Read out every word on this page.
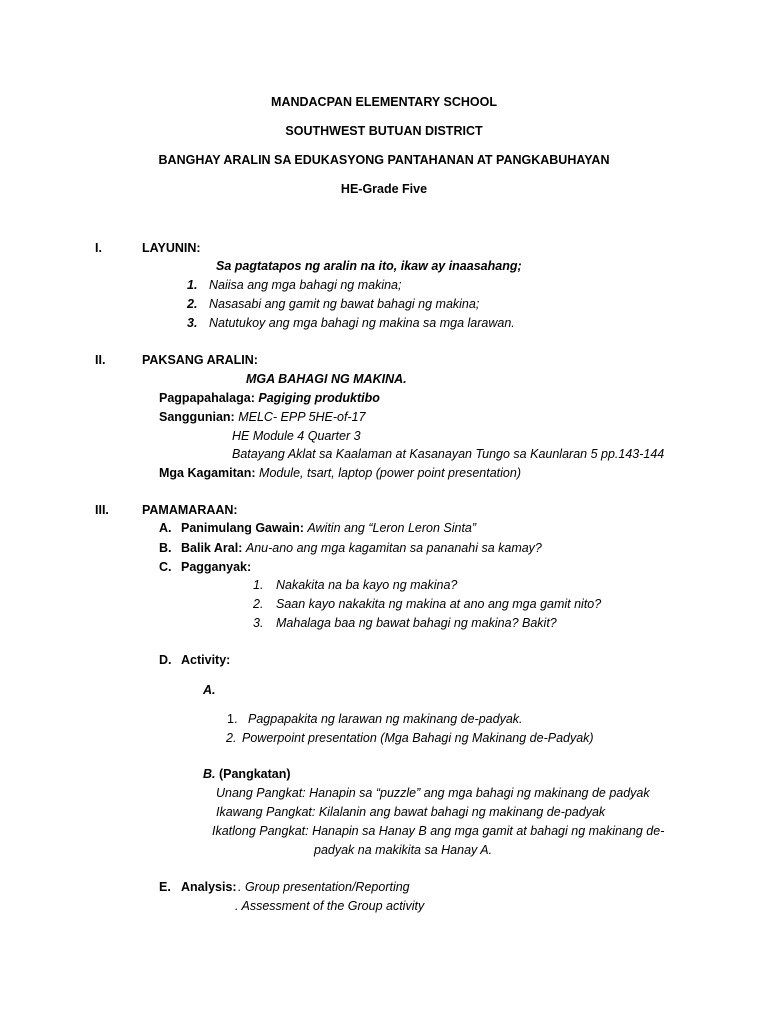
MANDACPAN ELEMENTARY SCHOOL
SOUTHWEST BUTUAN DISTRICT
BANGHAY ARALIN SA EDUKASYONG PANTAHANAN AT PANGKABUHAYAN
HE-Grade Five
I.	LAYUNIN:
Sa pagtatapos ng aralin na ito, ikaw ay inaasahang;
1. Naiisa ang mga bahagi ng makina;
2. Nasasabi ang gamit ng bawat bahagi ng makina;
3. Natutukoy ang mga bahagi ng makina sa mga larawan.
II.	PAKSANG ARALIN:
MGA BAHAGI NG MAKINA.
Pagpapahalaga: Pagiging produktibo
Sanggunian: MELC- EPP 5HE-of-17
HE Module 4 Quarter 3
Batayang Aklat sa Kaalaman at Kasanayan Tungo sa Kaunlaran 5 pp.143-144
Mga Kagamitan: Module, tsart, laptop (power point presentation)
III.	PAMAMARAAN:
A. Panimulang Gawain: Awitin ang “Leron Leron Sinta”
B. Balik Aral: Anu-ano ang mga kagamitan sa pananahi sa kamay?
C. Pagganyak:
1. Nakakita na ba kayo ng makina?
2. Saan kayo nakakita ng makina at ano ang mga gamit nito?
3. Mahalaga baa ng bawat bahagi ng makina? Bakit?
D. Activity:
A.
1. Pagpapakita ng larawan ng makinang de-padyak.
2. Powerpoint presentation (Mga Bahagi ng Makinang de-Padyak)
B. (Pangkatan)
Unang Pangkat: Hanapin sa “puzzle” ang mga bahagi ng makinang de padyak
Ikawang Pangkat: Kilalanin ang bawat bahagi ng makinang de-padyak
Ikatlong Pangkat: Hanapin sa Hanay B ang mga gamit at bahagi ng makinang de-
padyak na makikita sa Hanay A.
E. Analysis: . Group presentation/Reporting
. Assessment of the Group activity
